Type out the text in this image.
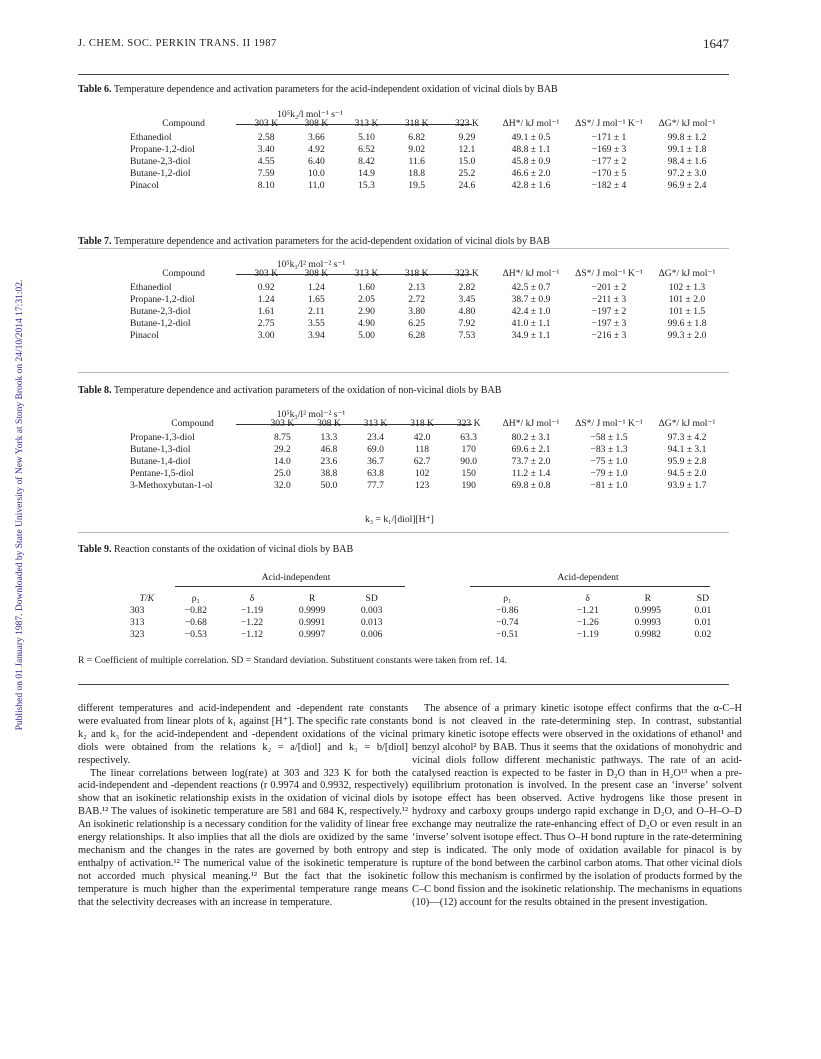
Published on 01 January 1987. Downloaded by State University of New York at Stony Brook on 24/10/2014 17:31:02.
J. CHEM. SOC. PERKIN TRANS. II 1987	1647
Table 6. Temperature dependence and activation parameters for the acid-independent oxidation of vicinal diols by BAB
10⁵k₂/l mol⁻¹ s⁻¹
Compound	303 K	308 K	313 K	318 K	323 K	ΔH*/ kJ mol⁻¹	ΔS*/ J mol⁻¹ K⁻¹	ΔG*/ kJ mol⁻¹
Ethanediol	2.58	3.66	5.10	6.82	9.29	49.1 ± 0.5	−171 ± 1	99.8 ± 1.2
Propane-1,2-diol	3.40	4.92	6.52	9.02	12.1	48.8 ± 1.1	−169 ± 3	99.1 ± 1.8
Butane-2,3-diol	4.55	6.40	8.42	11.6	15.0	45.8 ± 0.9	−177 ± 2	98.4 ± 1.6
Butane-1,2-diol	7.59	10.0	14.9	18.8	25.2	46.6 ± 2.0	−170 ± 5	97.2 ± 3.0
Pinacol	8.10	11.0	15.3	19.5	24.6	42.8 ± 1.6	−182 ± 4	96.9 ± 2.4
Table 7. Temperature dependence and activation parameters for the acid-dependent oxidation of vicinal diols by BAB
10⁵k₃/l² mol⁻² s⁻¹
Compound	303 K	308 K	313 K	318 K	323 K	ΔH*/ kJ mol⁻¹	ΔS*/ J mol⁻¹ K⁻¹	ΔG*/ kJ mol⁻¹
Ethanediol	0.92	1.24	1.60	2.13	2.82	42.5 ± 0.7	−201 ± 2	102 ± 1.3
Propane-1,2-diol	1.24	1.65	2.05	2.72	3.45	38.7 ± 0.9	−211 ± 3	101 ± 2.0
Butane-2,3-diol	1.61	2.11	2.90	3.80	4.80	42.4 ± 1.0	−197 ± 2	101 ± 1.5
Butane-1,2-diol	2.75	3.55	4.90	6.25	7.92	41.0 ± 1.1	−197 ± 3	99.6 ± 1.8
Pinacol	3.00	3.94	5.00	6.28	7.53	34.9 ± 1.1	−216 ± 3	99.3 ± 2.0
Table 8. Temperature dependence and activation parameters of the oxidation of non-vicinal diols by BAB
10⁵k₃/l² mol⁻² s⁻¹
Compound	303 K	308 K	313 K	318 K	323 K	ΔH*/ kJ mol⁻¹	ΔS*/ J mol⁻¹ K⁻¹	ΔG*/ kJ mol⁻¹
Propane-1,3-diol	8.75	13.3	23.4	42.0	63.3	80.2 ± 3.1	−58 ± 1.5	97.3 ± 4.2
Butane-1,3-diol	29.2	46.8	69.0	118	170	69.6 ± 2.1	−83 ± 1.3	94.1 ± 3.1
Butane-1,4-diol	14.0	23.6	36.7	62.7	90.0	73.7 ± 2.0	−75 ± 1.0	95.9 ± 2.8
Pentane-1,5-diol	25.0	38.8	63.8	102	150	11.2 ± 1.4	−79 ± 1.0	94.5 ± 2.0
3-Methoxybutan-1-ol	32.0	50.0	77.7	123	190	69.8 ± 0.8	−81 ± 1.0	93.9 ± 1.7
k₃ = k₁/[diol][H⁺]
Table 9. Reaction constants of the oxidation of vicinal diols by BAB
Acid-independent	Acid-dependent
T/K	ρ₁	δ	R	SD	ρ₁	δ	R	SD
303	−0.82	−1.19	0.9999	0.003	−0.86	−1.21	0.9995	0.01
313	−0.68	−1.22	0.9991	0.013	−0.74	−1.26	0.9993	0.01
323	−0.53	−1.12	0.9997	0.006	−0.51	−1.19	0.9982	0.02
R = Coefficient of multiple correlation. SD = Standard deviation. Substituent constants were taken from ref. 14.

different temperatures and acid-independent and -dependent rate constants were evaluated from linear plots of k₁ against [H⁺]. The specific rate constants k₂ and k₃ for the acid-independent and -dependent oxidations of the vicinal diols were obtained from the relations k₂ = a/[diol] and k₃ = b/[diol] respectively.

The linear correlations between log(rate) at 303 and 323 K for both the acid-independent and -dependent reactions (r 0.9974 and 0.9932, respectively) show that an isokinetic relationship exists in the oxidation of vicinal diols by BAB.¹² The values of isokinetic temperature are 581 and 684 K, respectively.¹² An isokinetic relationship is a necessary condition for the validity of linear free energy relationships. It also implies that all the diols are oxidized by the same mechanism and the changes in the rates are governed by both entropy and enthalpy of activation.¹² The numerical value of the isokinetic temperature is not accorded much physical meaning.¹² But the fact that the isokinetic temperature is much higher than the experimental temperature range means that the selectivity decreases with an increase in temperature.

The absence of a primary kinetic isotope effect confirms that the α-C–H bond is not cleaved in the rate-determining step. In contrast, substantial primary kinetic isotope effects were observed in the oxidations of ethanol¹ and benzyl alcohol² by BAB. Thus it seems that the oxidations of monohydric and vicinal diols follow different mechanistic pathways. The rate of an acid-catalysed reaction is expected to be faster in D₂O than in H₂O¹³ when a pre-equilibrium protonation is involved. In the present case an ‘inverse’ solvent isotope effect has been observed. Active hydrogens like those present in hydroxy and carboxy groups undergo rapid exchange in D₂O, and O–H–O–D exchange may neutralize the rate-enhancing effect of D₂O or even result in an ‘inverse’ solvent isotope effect. Thus O–H bond rupture in the rate-determining step is indicated. The only mode of oxidation available for pinacol is by rupture of the bond between the carbinol carbon atoms. That other vicinal diols follow this mechanism is confirmed by the isolation of products formed by the C–C bond fission and the isokinetic relationship. The mechanisms in equations (10)—(12) account for the results obtained in the present investigation.
